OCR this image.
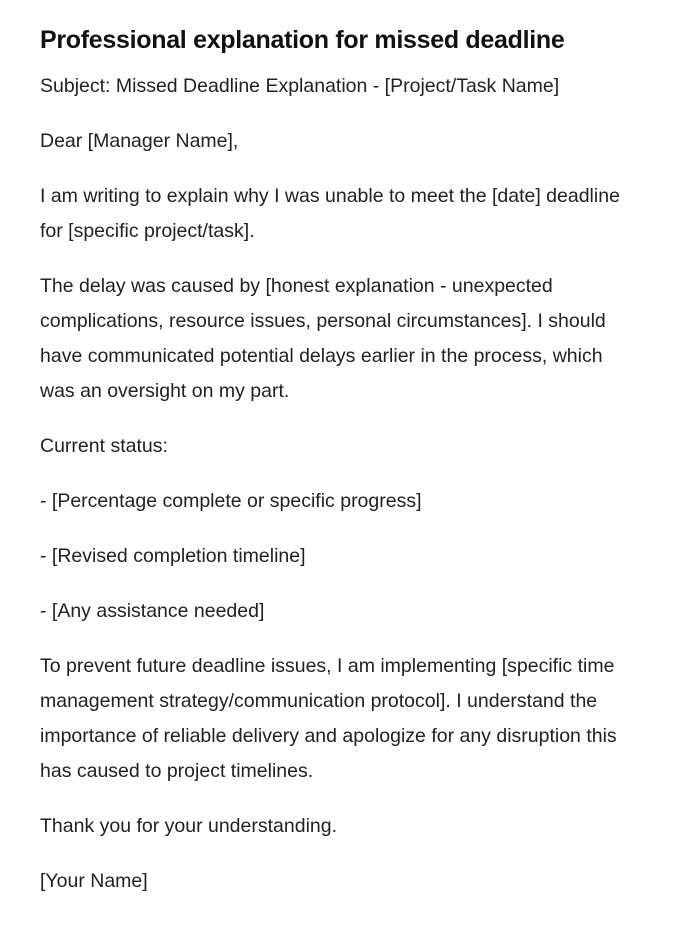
Professional explanation for missed deadline

Subject: Missed Deadline Explanation - [Project/Task Name]

Dear [Manager Name],

I am writing to explain why I was unable to meet the [date] deadline for [specific project/task].

The delay was caused by [honest explanation - unexpected complications, resource issues, personal circumstances]. I should have communicated potential delays earlier in the process, which was an oversight on my part.

Current status:

- [Percentage complete or specific progress]

- [Revised completion timeline]

- [Any assistance needed]

To prevent future deadline issues, I am implementing [specific time management strategy/communication protocol]. I understand the importance of reliable delivery and apologize for any disruption this has caused to project timelines.

Thank you for your understanding.

[Your Name]
